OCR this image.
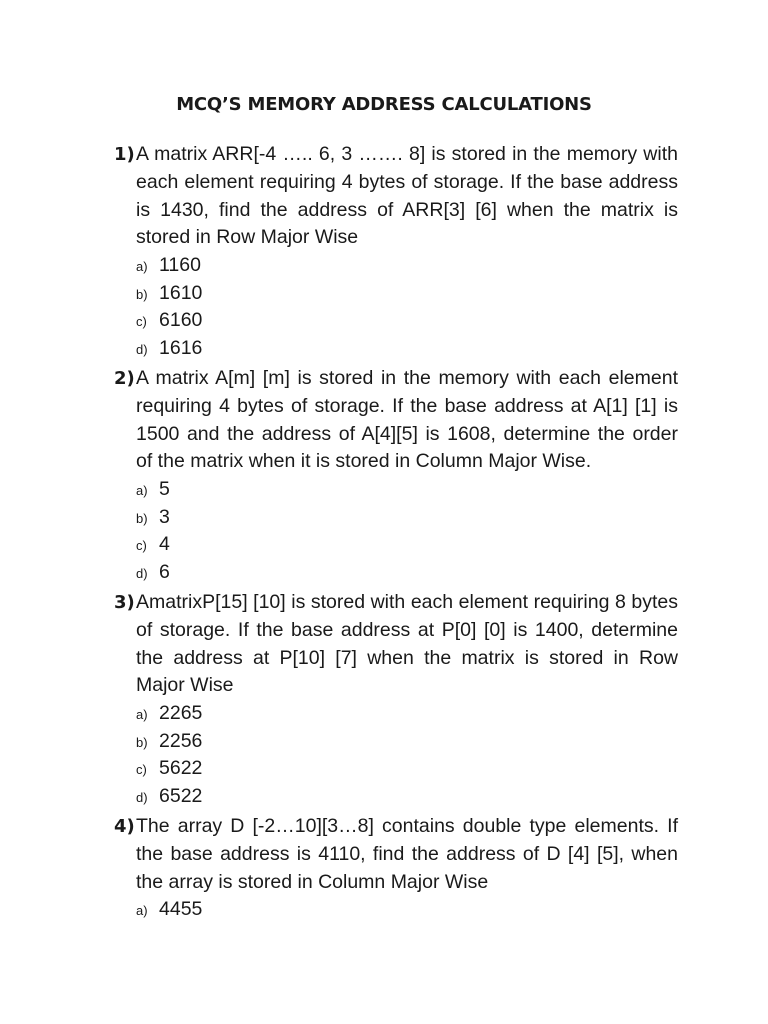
MCQ’S MEMORY ADDRESS CALCULATIONS
1) A matrix ARR[-4 ….. 6, 3 ……. 8] is stored in the memory with each element requiring 4 bytes of storage. If the base address is 1430, find the address of ARR[3] [6] when the matrix is stored in Row Major Wise
a) 1160
b) 1610
c) 6160
d) 1616
2) A matrix A[m] [m] is stored in the memory with each element requiring 4 bytes of storage. If the base address at A[1] [1] is 1500 and the address of A[4][5] is 1608, determine the order of the matrix when it is stored in Column Major Wise.
a) 5
b) 3
c) 4
d) 6
3) AmatrixP[15] [10] is stored with each element requiring 8 bytes of storage. If the base address at P[0] [0] is 1400, determine the address at P[10] [7] when the matrix is stored in Row Major Wise
a) 2265
b) 2256
c) 5622
d) 6522
4) The array D [-2…10][3…8] contains double type elements. If the base address is 4110, find the address of D [4] [5], when the array is stored in Column Major Wise
a) 4455
